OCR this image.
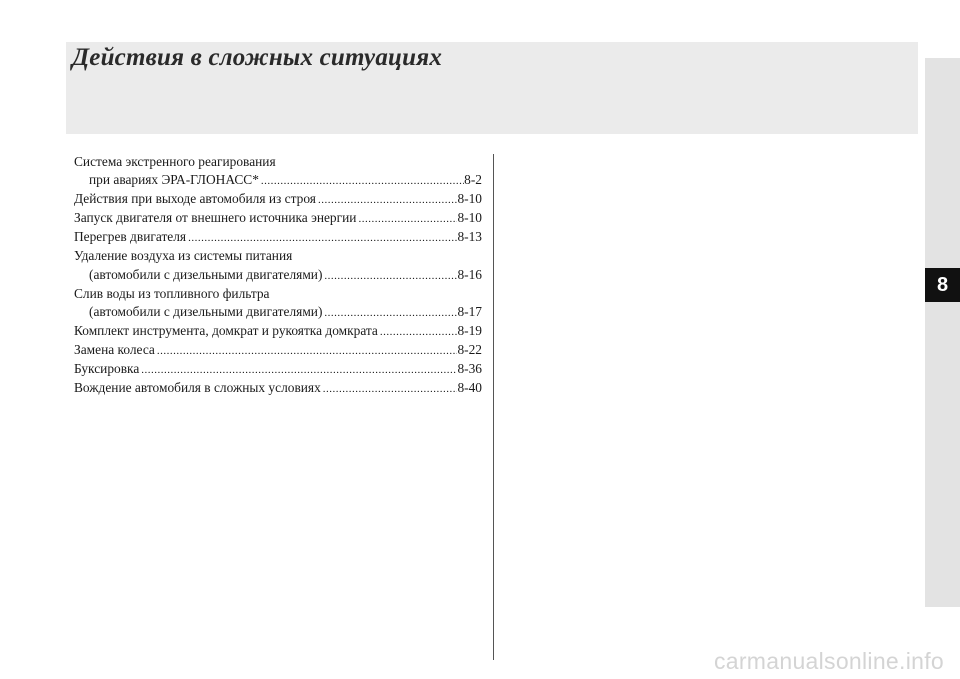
Действия в сложных ситуациях
8
Система экстренного реагирования
при авариях ЭРА-ГЛОНАСС* .....	8-2
Действия при выходе автомобиля из строя .....	8-10
Запуск двигателя от внешнего источника энергии .....	8-10
Перегрев двигателя .....	8-13
Удаление воздуха из системы питания
(автомобили с дизельными двигателями) .....	8-16
Слив воды из топливного фильтра
(автомобили с дизельными двигателями) .....	8-17
Комплект инструмента, домкрат и рукоятка домкрата .....	8-19
Замена колеса .....	8-22
Буксировка .....	8-36
Вождение автомобиля в сложных условиях .....	8-40
carmanualsonline.info
